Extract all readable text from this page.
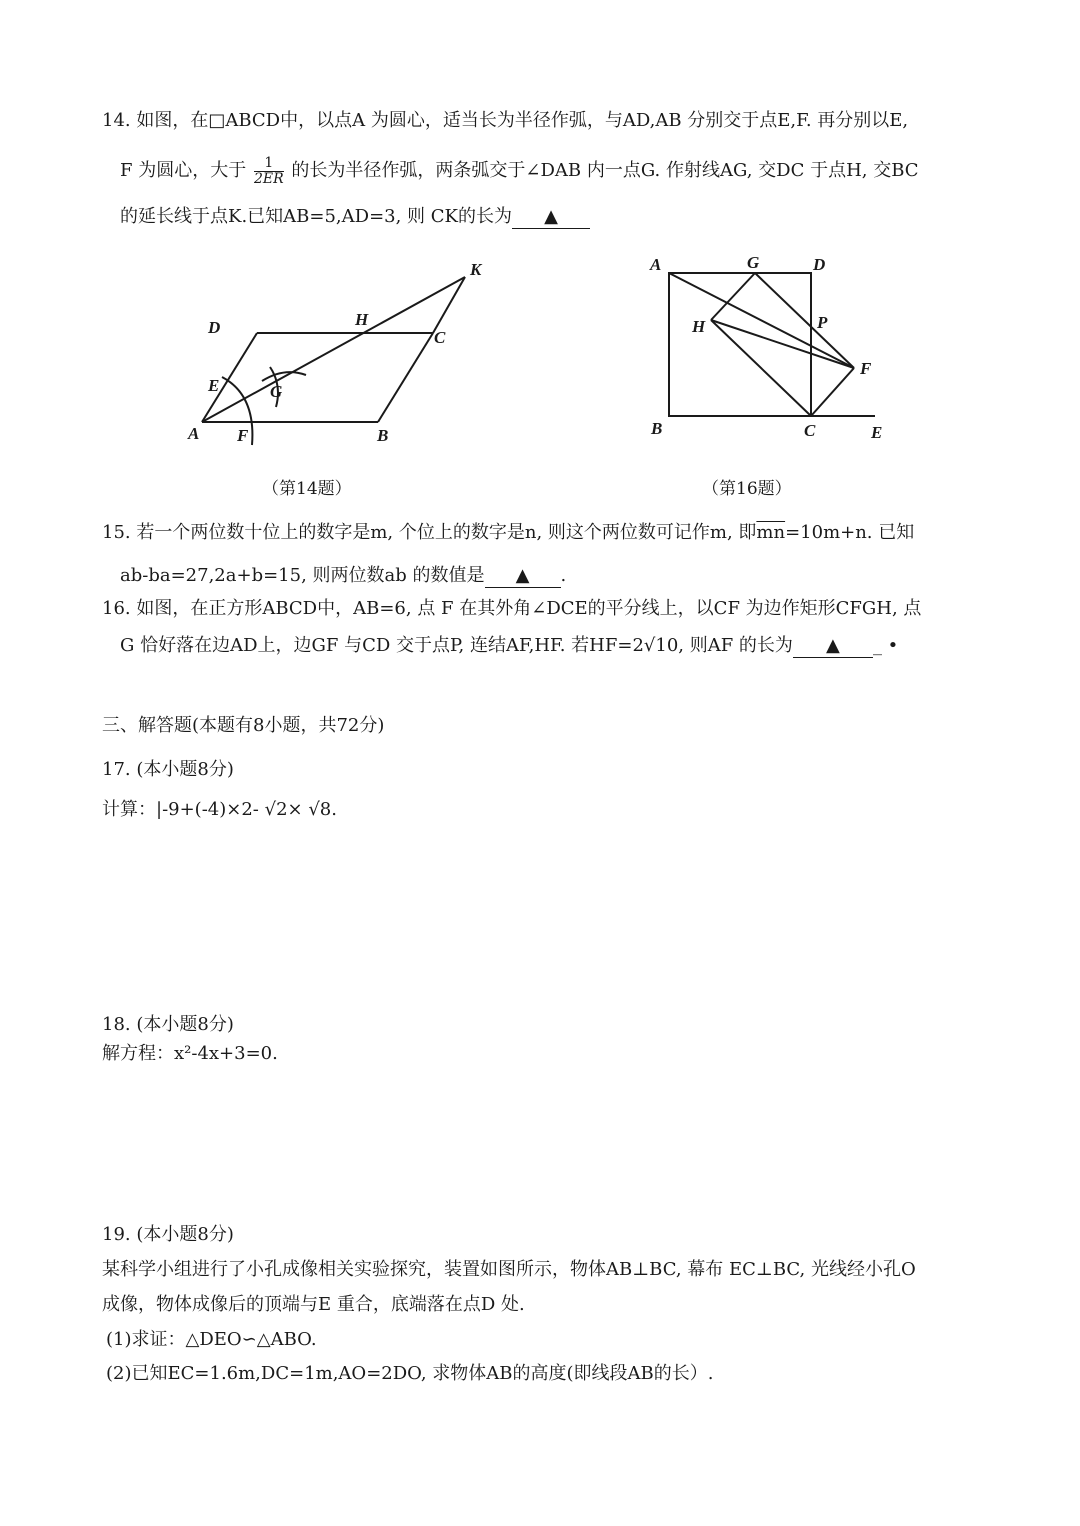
14. 如图，在□ABCD中，以点A 为圆心，适当长为半径作弧，与AD,AB 分别交于点E,F. 再分别以E,
F 为圆心，大于 $\frac{1}{2ER}$ 的长为半径作弧，两条弧交于∠DAB 内一点G. 作射线AG, 交DC 于点H, 交BC
的延长线于点K.已知AB=5,AD=3, 则 CK的长为 ▲
D	H
C
K
E	G
A F	B
A	G	D
H	P
F
B	C	E
（第14题）	（第16题）
15. 若一个两位数十位上的数字是m, 个位上的数字是n, 则这个两位数可记作m, 即$\overline{mn}=10m+n$. 已知
ab-ba=27,2a+b=15, 则两位数ab 的数值是 ▲ .
16. 如图，在正方形ABCD中，AB=6, 点 F 在其外角∠DCE的平分线上，以CF 为边作矩形CFGH, 点
G 恰好落在边AD上，边GF 与CD 交于点P, 连结AF,HF. 若HF=2√10, 则AF 的长为 ▲ _ •
三、解答题(本题有8小题，共72分)
17. (本小题8分)
计算：|-9+(-4)×2- √2× √8.
18. (本小题8分)
解方程：x²-4x+3=0.
19. (本小题8分)
某科学小组进行了小孔成像相关实验探究，装置如图所示，物体AB⊥BC, 幕布 EC⊥BC, 光线经小孔O
成像，物体成像后的顶端与E 重合，底端落在点D 处.
(1)求证：△DEO∽△ABO.
(2)已知EC=1.6m,DC=1m,AO=2DO, 求物体AB的高度(即线段AB的长）.
